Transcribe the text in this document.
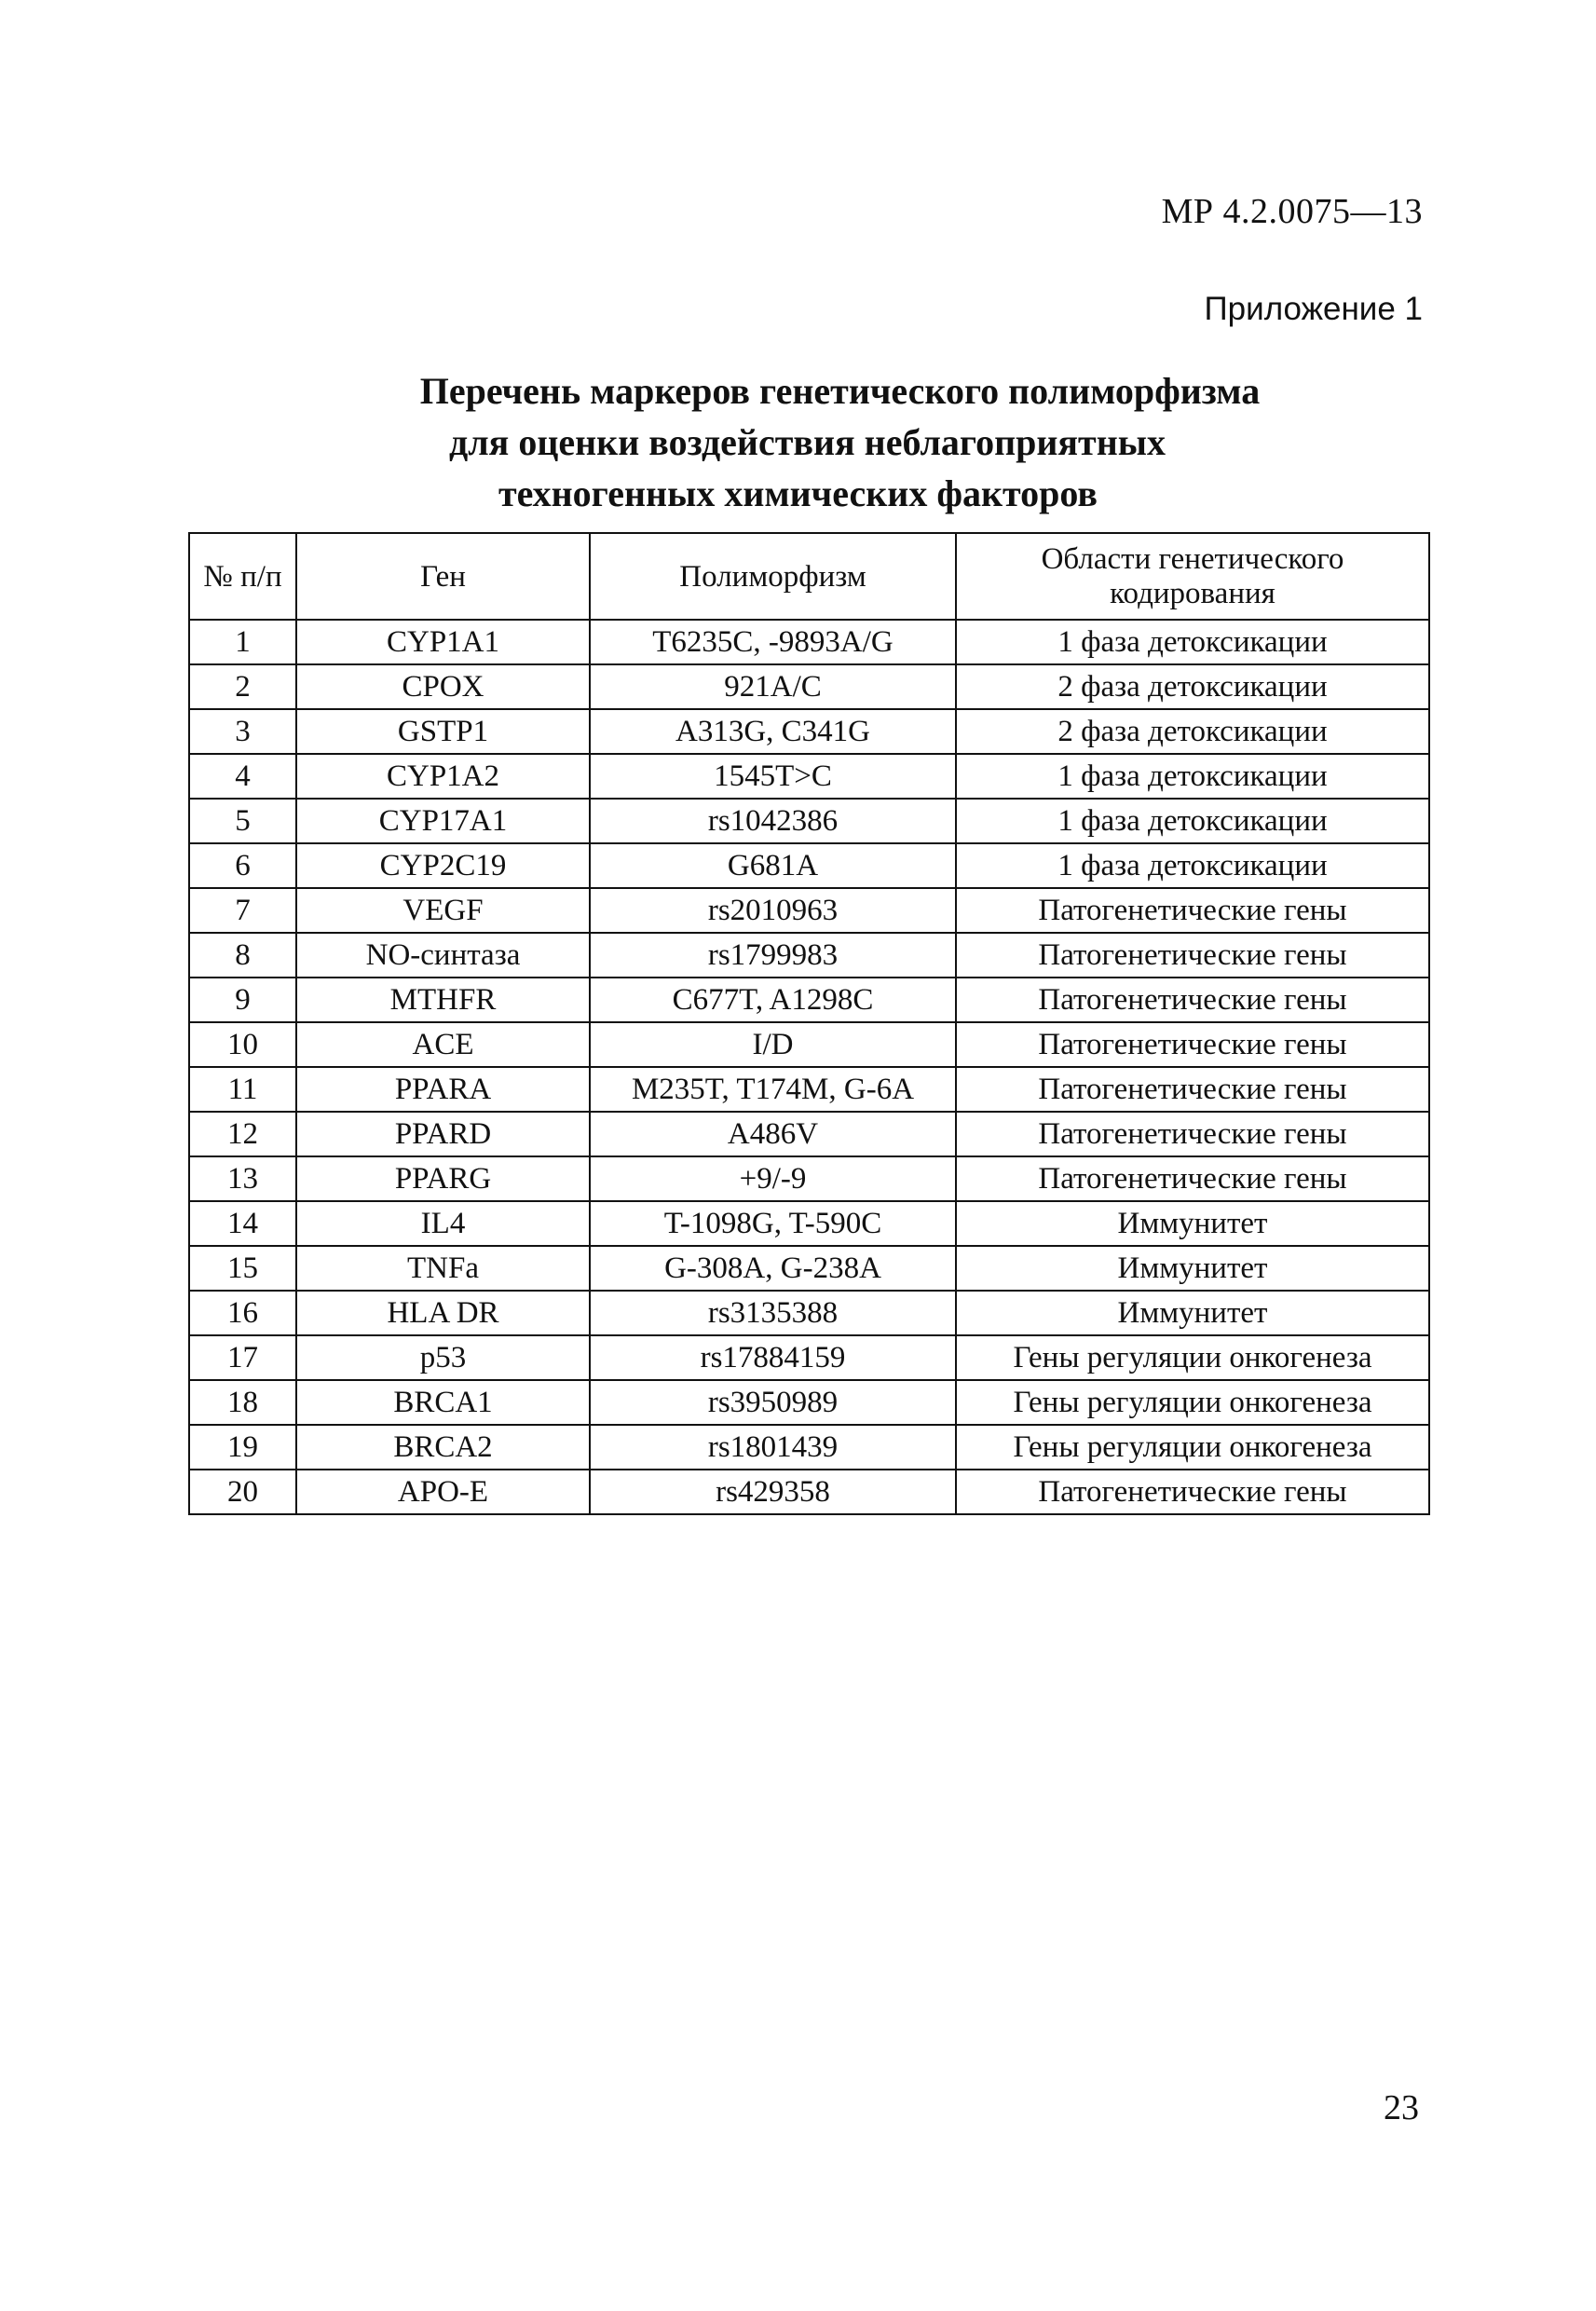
МР 4.2.0075—13
Приложение 1
Перечень маркеров генетического полиморфизма
для оценки воздействия неблагоприятных
техногенных химических факторов
№ п/п	Ген	Полиморфизм	Области генетического кодирования
1	CYP1A1	T6235C, -9893A/G	1 фаза детоксикации
2	CPOX	921A/C	2 фаза детоксикации
3	GSTP1	A313G, C341G	2 фаза детоксикации
4	CYP1A2	1545T>C	1 фаза детоксикации
5	CYP17A1	rs1042386	1 фаза детоксикации
6	CYP2C19	G681A	1 фаза детоксикации
7	VEGF	rs2010963	Патогенетические гены
8	NO-синтаза	rs1799983	Патогенетические гены
9	MTHFR	C677T, A1298C	Патогенетические гены
10	ACE	I/D	Патогенетические гены
11	PPARA	M235T, T174M, G-6A	Патогенетические гены
12	PPARD	A486V	Патогенетические гены
13	PPARG	+9/-9	Патогенетические гены
14	IL4	T-1098G, T-590C	Иммунитет
15	TNFa	G-308A, G-238A	Иммунитет
16	HLA DR	rs3135388	Иммунитет
17	p53	rs17884159	Гены регуляции онкогенеза
18	BRCA1	rs3950989	Гены регуляции онкогенеза
19	BRCA2	rs1801439	Гены регуляции онкогенеза
20	APO-E	rs429358	Патогенетические гены
23
